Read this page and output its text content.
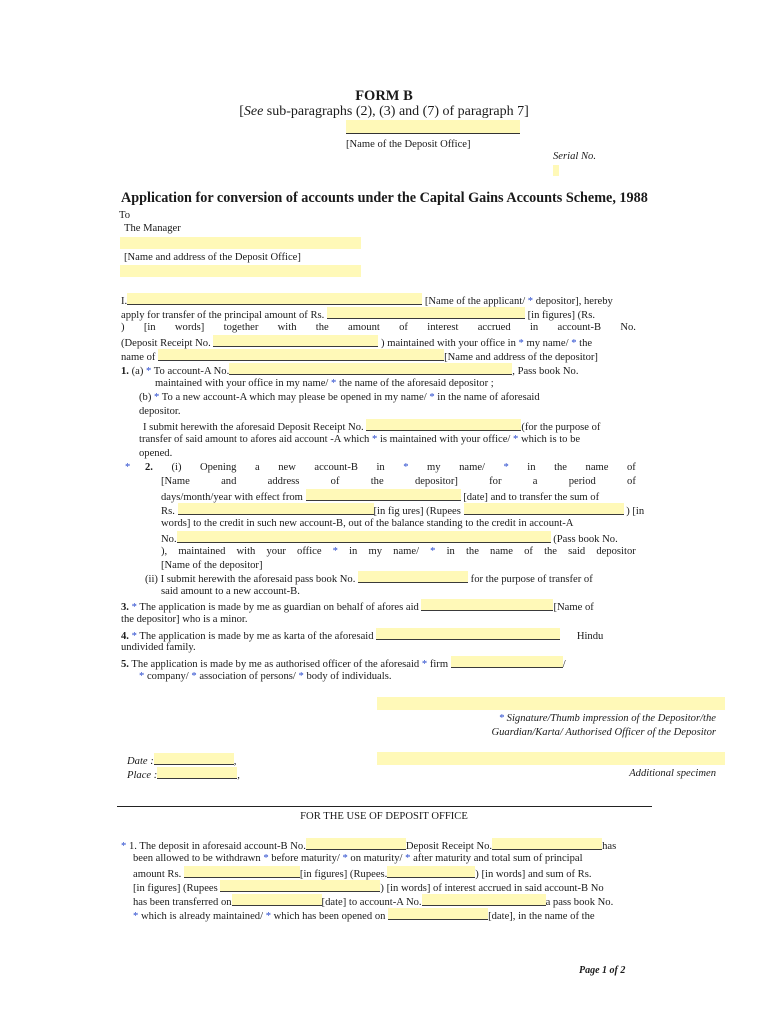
FORM B
[See sub-paragraphs (2), (3) and (7) of paragraph 7]
[Name of the Deposit Office]
Serial No.
Application for conversion of accounts under the Capital Gains Accounts Scheme, 1988
To
The Manager
[Name and address of the Deposit Office]
I.	[Name of the applicant/ * depositor], hereby
apply for transfer of the principal amount of Rs.	[in figures] (Rs.
) [in words] together with the amount of interest accrued in account-B No.
(Deposit Receipt No.	) maintained with your office in * my name/ * the
name of	[Name and address of the depositor]
1. (a) * To account-A No.	, Pass book No.
maintained with your office in my name/ * the name of the aforesaid depositor ;
(b) * To a new account-A which may please be opened in my name/ * in the name of aforesaid
depositor.
I submit herewith the aforesaid Deposit Receipt No.	(for the purpose of
transfer of said amount to afores aid account -A which * is maintained with your office/ * which is to be
opened.
* 2. (i) Opening a new account-B in * my name/ * in the name of
[Name	and	address	of	the	depositor]	for	a	period	of
days/month/year with effect from	[date] and to transfer the sum of
Rs.	[in fig ures] (Rupees	) [in
words] to the credit in such new account-B, out of the balance standing to the credit in account-A
No.	(Pass book No.
), maintained with your office * in my name/ * in the name of the said depositor
[Name of the depositor]
(ii) I submit herewith the aforesaid pass book No.	for the purpose of transfer of
said amount to a new account-B.
3. * The application is made by me as guardian on behalf of afores aid	[Name of
the depositor] who is a minor.
4. * The application is made by me as karta of the aforesaid	Hindu
undivided family.
5. The application is made by me as authorised officer of the aforesaid * firm	/
* company/ * association of persons/ * body of individuals.
* Signature/Thumb impression of the Depositor/the
Guardian/Karta/ Authorised Officer of the Depositor
Date :	,
Place :	,	Additional specimen
FOR THE USE OF DEPOSIT OFFICE
* 1. The deposit in aforesaid account-B No.	Deposit Receipt No.	has
been allowed to be withdrawn * before maturity/ * on maturity/ * after maturity and total sum of principal
amount Rs.	[in figures] (Rupees.	) [in words] and sum of Rs.
[in figures] (Rupees	) [in words] of interest accrued in said account-B No
has been transferred on	[date] to account-A No.	a pass book No.
* which is already maintained/ * which has been opened on	[date], in the name of the
Page 1 of 2
